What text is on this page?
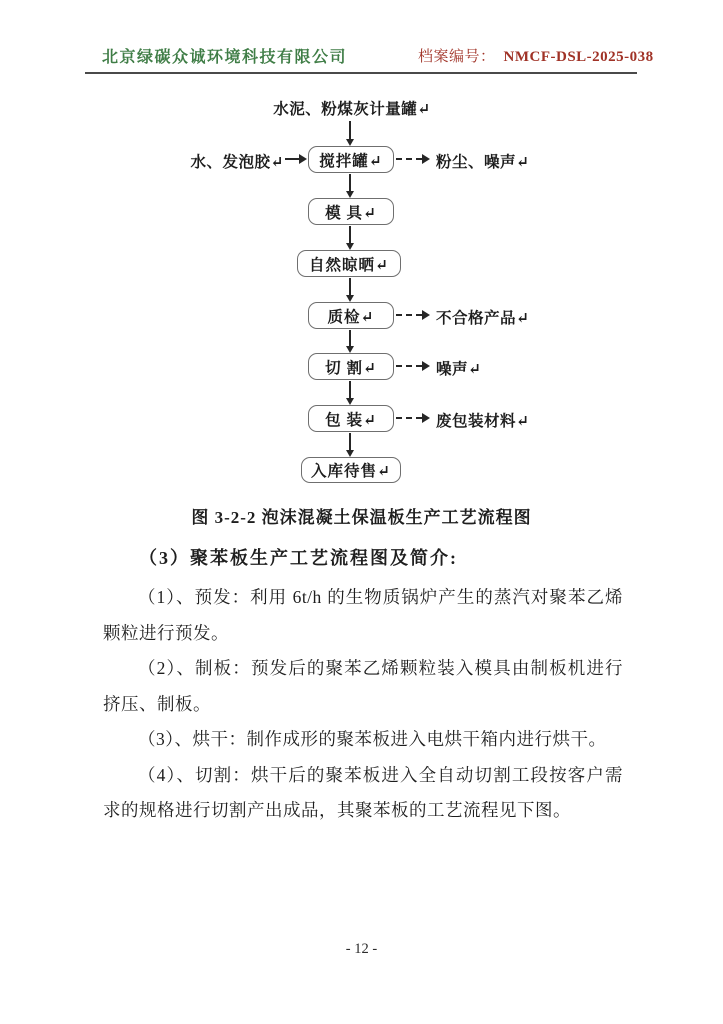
北京绿碳众诚环境科技有限公司	档案编号： NMCF-DSL-2025-038
水泥、粉煤灰计量罐↵
水、发泡胶↵	搅拌罐↵	粉尘、噪声↵
模 具↵
自然晾晒↵
质检↵	不合格产品↵
切 割↵	噪声↵
包 装↵	废包装材料↵
入库待售↵
图 3-2-2 泡沫混凝土保温板生产工艺流程图
（3）聚苯板生产工艺流程图及简介:

（1）、预发：利用 6t/h 的生物质锅炉产生的蒸汽对聚苯乙烯颗粒进行预发。

（2）、制板：预发后的聚苯乙烯颗粒装入模具由制板机进行挤压、制板。

（3）、烘干：制作成形的聚苯板进入电烘干箱内进行烘干。

（4）、切割：烘干后的聚苯板进入全自动切割工段按客户需求的规格进行切割产出成品，其聚苯板的工艺流程见下图。

- 12 -
